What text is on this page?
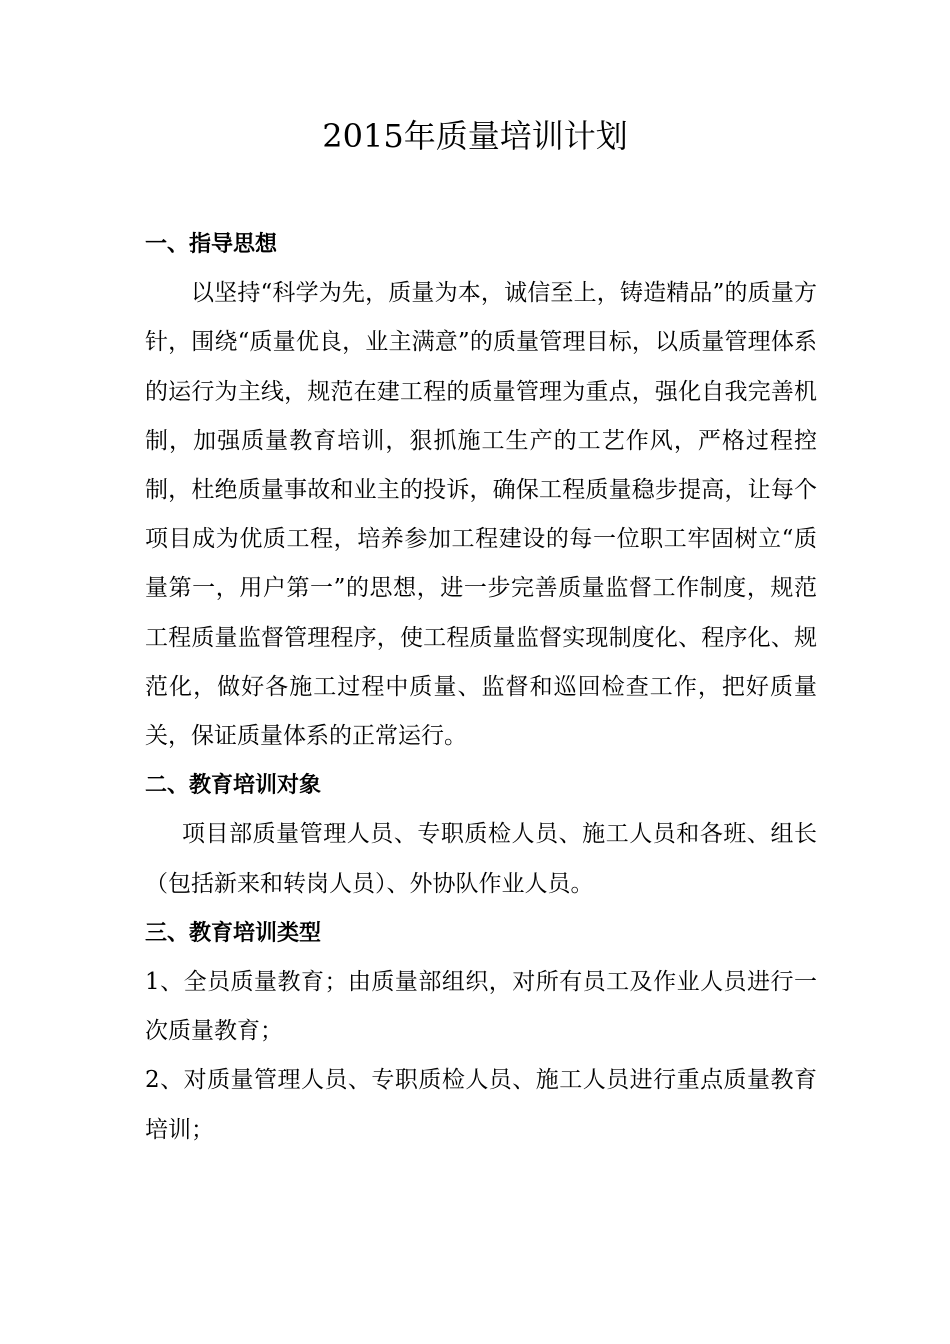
2015年质量培训计划

一、指导思想

以坚持“科学为先，质量为本，诚信至上，铸造精品”的质量方针，围绕“质量优良，业主满意”的质量管理目标，以质量管理体系的运行为主线，规范在建工程的质量管理为重点，强化自我完善机制，加强质量教育培训，狠抓施工生产的工艺作风，严格过程控制，杜绝质量事故和业主的投诉，确保工程质量稳步提高，让每个项目成为优质工程，培养参加工程建设的每一位职工牢固树立“质量第一，用户第一”的思想，进一步完善质量监督工作制度，规范工程质量监督管理程序，使工程质量监督实现制度化、程序化、规范化，做好各施工过程中质量、监督和巡回检查工作，把好质量关，保证质量体系的正常运行。

二、教育培训对象

项目部质量管理人员、专职质检人员、施工人员和各班、组长（包括新来和转岗人员）、外协队作业人员。

三、教育培训类型

1、全员质量教育；由质量部组织，对所有员工及作业人员进行一次质量教育；

2、对质量管理人员、专职质检人员、施工人员进行重点质量教育培训；
